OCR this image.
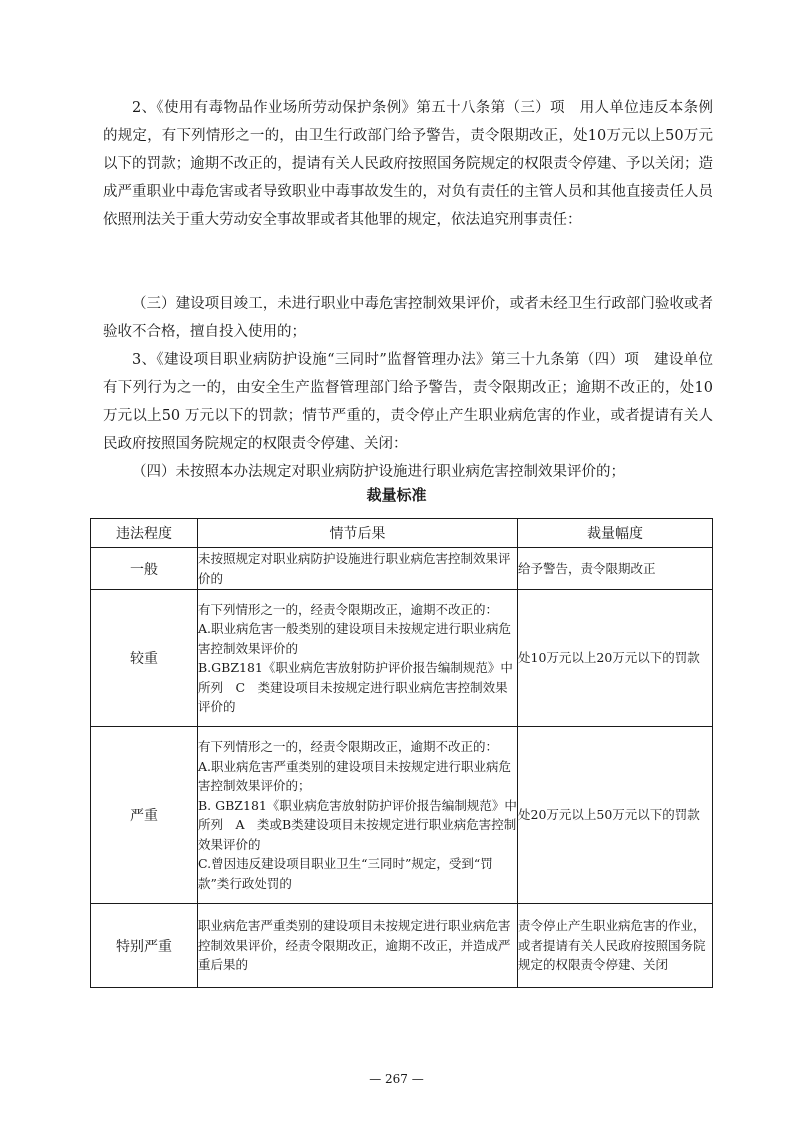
2、《使用有毒物品作业场所劳动保护条例》第五十八条第（三）项　用人单位违反本条例的规定，有下列情形之一的，由卫生行政部门给予警告，责令限期改正，处10万元以上50万元以下的罚款；逾期不改正的，提请有关人民政府按照国务院规定的权限责令停建、予以关闭；造成严重职业中毒危害或者导致职业中毒事故发生的，对负有责任的主管人员和其他直接责任人员依照刑法关于重大劳动安全事故罪或者其他罪的规定，依法追究刑事责任：

（三）建设项目竣工，未进行职业中毒危害控制效果评价，或者未经卫生行政部门验收或者验收不合格，擅自投入使用的；

3、《建设项目职业病防护设施“三同时”监督管理办法》第三十九条第（四）项　建设单位有下列行为之一的，由安全生产监督管理部门给予警告，责令限期改正；逾期不改正的，处10万元以上50 万元以下的罚款；情节严重的，责令停止产生职业病危害的作业，或者提请有关人民政府按照国务院规定的权限责令停建、关闭：

（四）未按照本办法规定对职业病防护设施进行职业病危害控制效果评价的；

裁量标准

违法程度	情节后果	裁量幅度
一般	未按照规定对职业病防护设施进行职业病危害控制效果评价的	给予警告，责令限期改正
较重	有下列情形之一的，经责令限期改正，逾期不改正的：
A.职业病危害一般类别的建设项目未按规定进行职业病危害控制效果评价的
B.GBZ181《职业病危害放射防护评价报告编制规范》中所列　C　类建设项目未按规定进行职业病危害控制效果评价的	处10万元以上20万元以下的罚款
严重	有下列情形之一的，经责令限期改正，逾期不改正的：
A.职业病危害严重类别的建设项目未按规定进行职业病危害控制效果评价的；
B. GBZ181《职业病危害放射防护评价报告编制规范》中所列　A　类或B类建设项目未按规定进行职业病危害控制效果评价的
C.曾因违反建设项目职业卫生“三同时”规定，受到“罚款”类行政处罚的	处20万元以上50万元以下的罚款
特别严重	职业病危害严重类别的建设项目未按规定进行职业病危害控制效果评价，经责令限期改正，逾期不改正，并造成严重后果的	责令停止产生职业病危害的作业，或者提请有关人民政府按照国务院规定的权限责令停建、关闭

— 267 —
